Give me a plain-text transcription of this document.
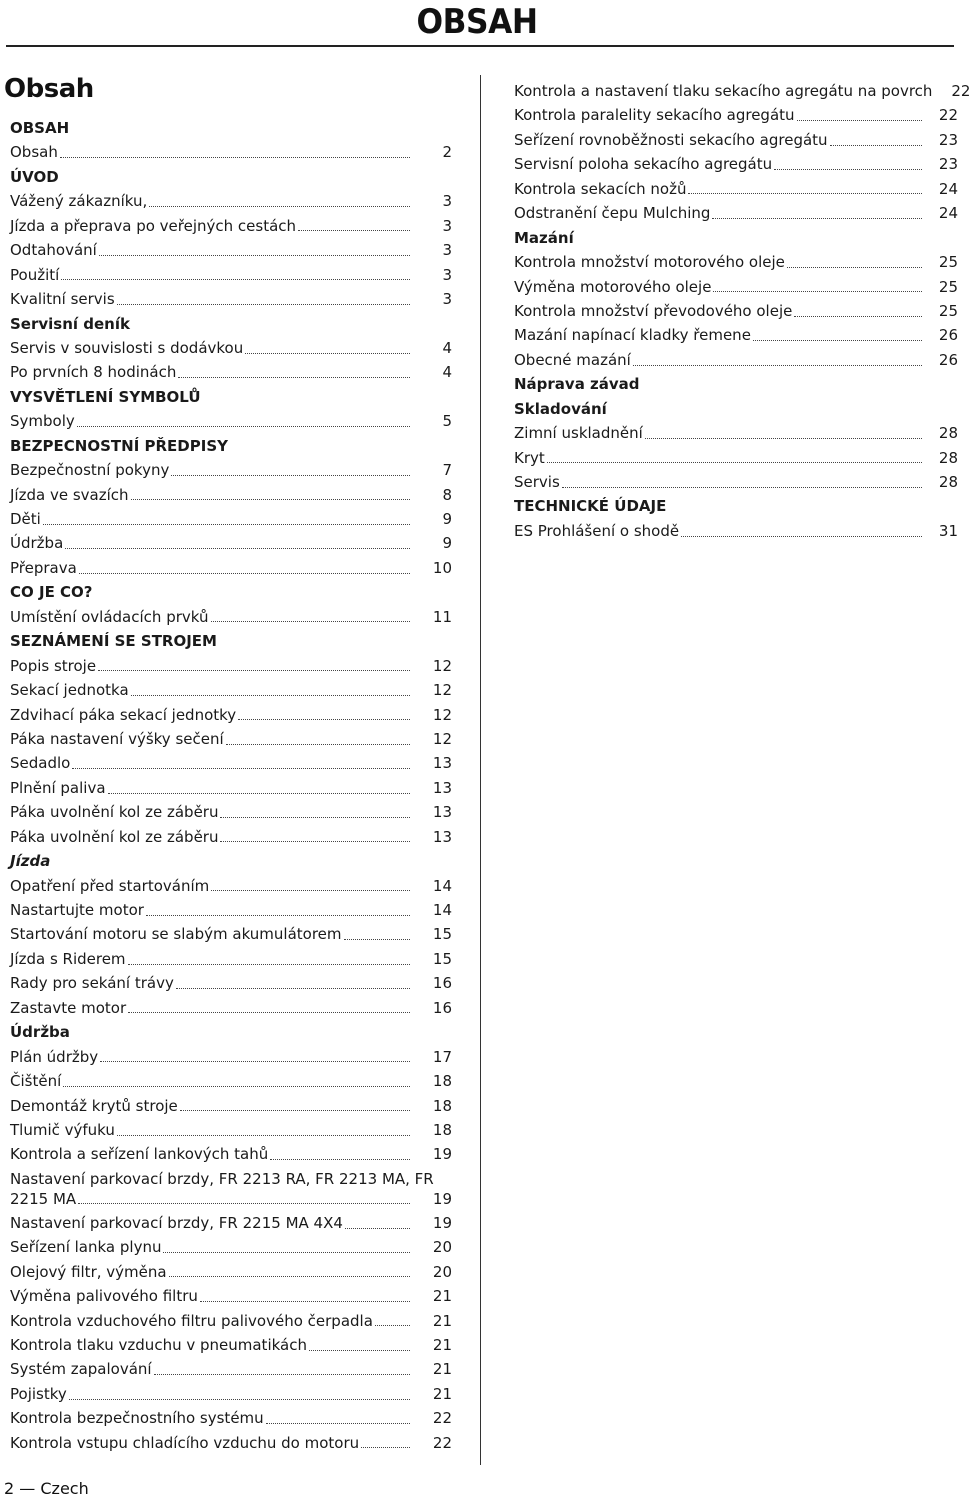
OBSAH
Obsah
OBSAH
Obsah	2
ÚVOD
Vážený zákazníku,	3
Jízda a přeprava po veřejných cestách	3
Odtahování	3
Použití	3
Kvalitní servis	3
Servisní deník
Servis v souvislosti s dodávkou	4
Po prvních 8 hodinách	4
VYSVĚTLENÍ SYMBOLŮ
Symboly	5
BEZPECNOSTNÍ PŘEDPISY
Bezpečnostní pokyny	7
Jízda ve svazích	8
Děti	9
Údržba	9
Přeprava	10
CO JE CO?
Umístění ovládacích prvků	11
SEZNÁMENÍ SE STROJEM
Popis stroje	12
Sekací jednotka	12
Zdvihací páka sekací jednotky	12
Páka nastavení výšky sečení	12
Sedadlo	13
Plnění paliva	13
Páka uvolnění kol ze záběru	13
Páka uvolnění kol ze záběru	13
Jízda
Opatření před startováním	14
Nastartujte motor	14
Startování motoru se slabým akumulátorem	15
Jízda s Riderem	15
Rady pro sekání trávy	16
Zastavte motor	16
Údržba
Plán údržby	17
Čištění	18
Demontáž krytů stroje	18
Tlumič výfuku	18
Kontrola a seřízení lankových tahů	19
Nastavení parkovací brzdy, FR 2213 RA, FR 2213 MA, FR
2215 MA	19
Nastavení parkovací brzdy, FR 2215 MA 4X4	19
Seřízení lanka plynu	20
Olejový filtr, výměna	20
Výměna palivového filtru	21
Kontrola vzduchového filtru palivového čerpadla	21
Kontrola tlaku vzduchu v pneumatikách	21
Systém zapalování	21
Pojistky	21
Kontrola bezpečnostního systému	22
Kontrola vstupu chladícího vzduchu do motoru	22
Kontrola a nastavení tlaku sekacího agregátu na povrch	22
Kontrola paralelity sekacího agregátu	22
Seřízení rovnoběžnosti sekacího agregátu	23
Servisní poloha sekacího agregátu	23
Kontrola sekacích nožů	24
Odstranění čepu Mulching	24
Mazání
Kontrola množství motorového oleje	25
Výměna motorového oleje	25
Kontrola množství převodového oleje	25
Mazání napínací kladky řemene	26
Obecné mazání	26
Náprava závad
Skladování
Zimní uskladnění	28
Kryt	28
Servis	28
TECHNICKÉ ÚDAJE
ES Prohlášení o shodě	31
2 — Czech
